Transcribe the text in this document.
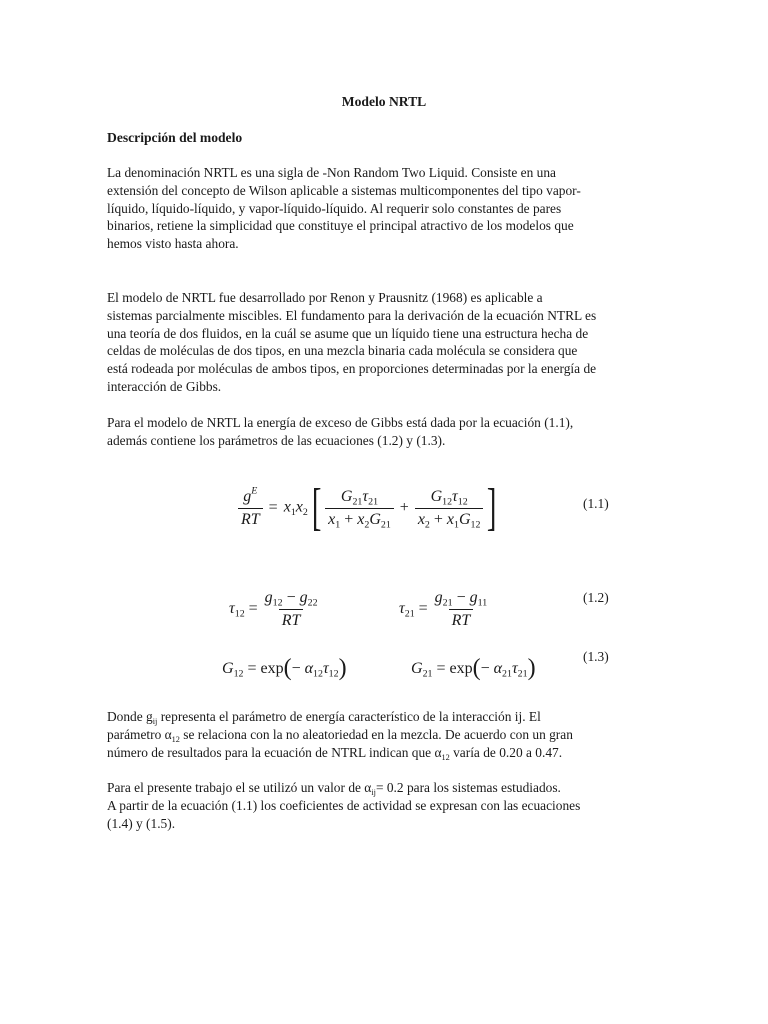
Modelo NRTL
Descripción del modelo

La denominación NRTL es una sigla de -Non Random Two Liquid. Consiste en una
extensión del concepto de Wilson aplicable a sistemas multicomponentes del tipo vapor-
líquido, líquido-líquido, y vapor-líquido-líquido. Al requerir solo constantes de pares
binarios, retiene la simplicidad que constituye el principal atractivo de los modelos que
hemos visto hasta ahora.

El modelo de NRTL fue desarrollado por Renon y Prausnitz (1968) es aplicable a
sistemas parcialmente miscibles. El fundamento para la derivación de la ecuación NTRL es
una teoría de dos fluidos, en la cuál se asume que un líquido tiene una estructura hecha de
celdas de moléculas de dos tipos, en una mezcla binaria cada molécula se considera que
está rodeada por moléculas de ambos tipos, en proporciones determinadas por la energía de
interacción de Gibbs.

Para el modelo de NRTL la energía de exceso de Gibbs está dada por la ecuación (1.1),
además contiene los parámetros de las ecuaciones (1.2) y (1.3).

$\frac{g^E}{RT} = x_1x_2[ \frac{G_{21}\tau_{21}}{x_1 + x_2G_{21}} + \frac{G_{12}\tau_{12}}{x_2 + x_1G_{12}}$ ]	(1.1)
$\tau_{12} = \frac{g_{12} - g_{22}}{RT}$	$\tau_{21} = \frac{g_{21} - g_{11}}{RT}$	(1.2)
$G_{12} = \exp(- \alpha_{12}\tau_{12})$	$G_{21} = \exp(- \alpha_{21}\tau_{21})$	(1.3)

Donde $g_{ij}$ representa el parámetro de energía característico de la interacción ij. El
parámetro $\alpha_{12}$ se relaciona con la no aleatoriedad en la mezcla. De acuerdo con un gran
número de resultados para la ecuación de NTRL indican que $\alpha_{12}$ varía de 0.20 a 0.47.

Para el presente trabajo el se utilizó un valor de $\alpha_{ij}= 0.2$ para los sistemas estudiados.
A partir de la ecuación (1.1) los coeficientes de actividad se expresan con las ecuaciones
(1.4) y (1.5).
